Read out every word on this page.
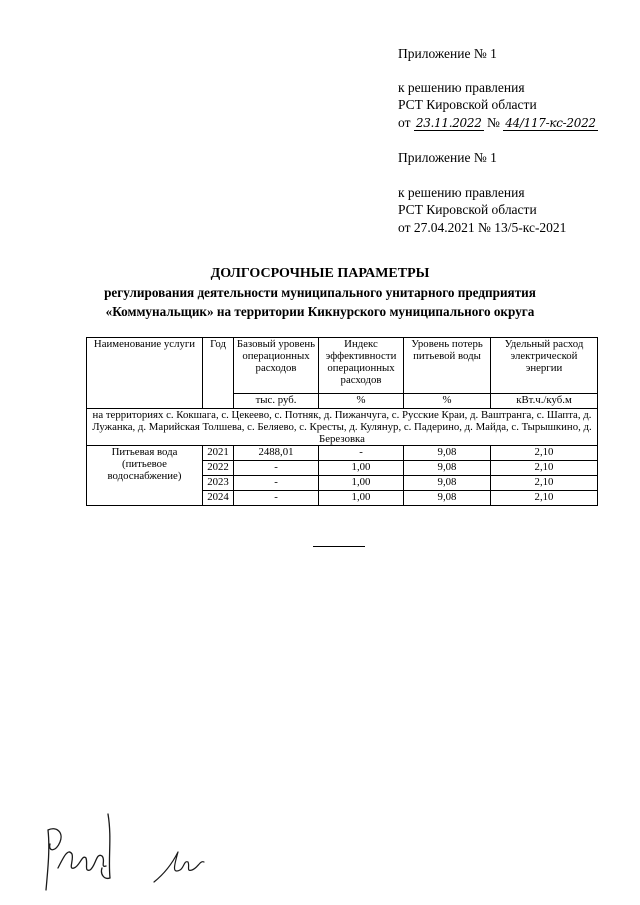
Приложение № 1
к решению правления
РСТ Кировской области
от 23.11.2022 № 44/117-кс-2022
Приложение № 1
к решению правления
РСТ Кировской области
от 27.04.2021 № 13/5-кс-2021
ДОЛГОСРОЧНЫЕ ПАРАМЕТРЫ
регулирования деятельности муниципального унитарного предприятия
«Коммунальщик» на территории Кикнурского муниципального округа
Наименование услуги	Год	Базовый уровень операционных расходов	Индекс эффективности операционных расходов	Уровень потерь питьевой воды	Удельный расход электрической энергии
		тыс. руб.	%	%	кВт.ч./куб.м
на территориях с. Кокшага, с. Цекеево, с. Потняк, д. Пижанчуга, с. Русские Краи, д. Ваштранга, с. Шапта, д. Лужанка, д. Марийская Толшева, с. Беляево, с. Кресты, д. Кулянур, с. Падерино, д. Майда, с. Тырышкино, д. Березовка					
Питьевая вода (питьевое водоснабжение)	2021	2488,01	-	9,08	2,10
	2022	-	1,00	9,08	2,10
	2023	-	1,00	9,08	2,10
	2024	-	1,00	9,08	2,10
